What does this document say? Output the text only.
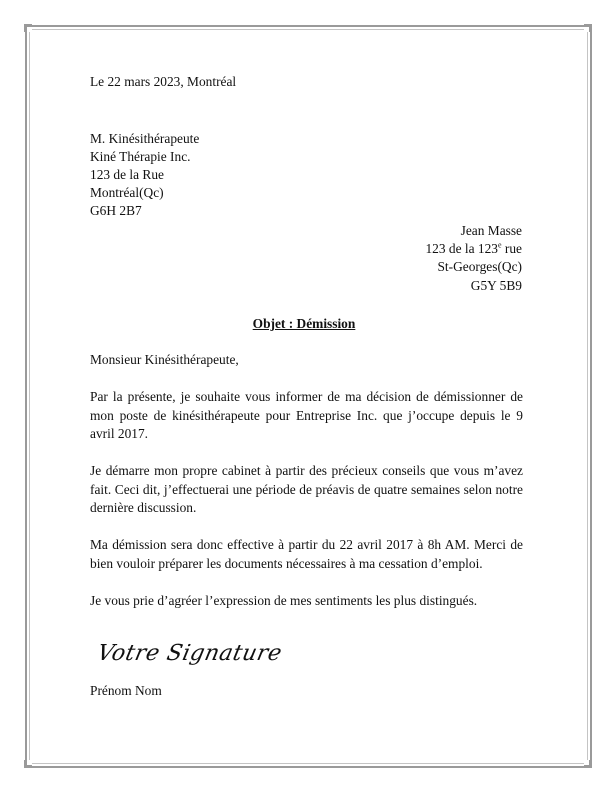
Le 22 mars 2023, Montréal
M. Kinésithérapeute
Kiné Thérapie Inc.
123 de la Rue
Montréal(Qc)
G6H 2B7
Jean Masse
123 de la 123e rue
St-Georges(Qc)
G5Y 5B9
Objet : Démission
Monsieur Kinésithérapeute,
Par la présente, je souhaite vous informer de ma décision de démissionner de mon poste de kinésithérapeute pour Entreprise Inc. que j’occupe depuis le 9 avril 2017.
Je démarre mon propre cabinet à partir des précieux conseils que vous m’avez fait. Ceci dit, j’effectuerai une période de préavis de quatre semaines selon notre dernière discussion.
Ma démission sera donc effective à partir du 22 avril 2017 à 8h AM. Merci de bien vouloir préparer les documents nécessaires à ma cessation d’emploi.
Je vous prie d’agréer l’expression de mes sentiments les plus distingués.
Votre Signature
Prénom Nom
